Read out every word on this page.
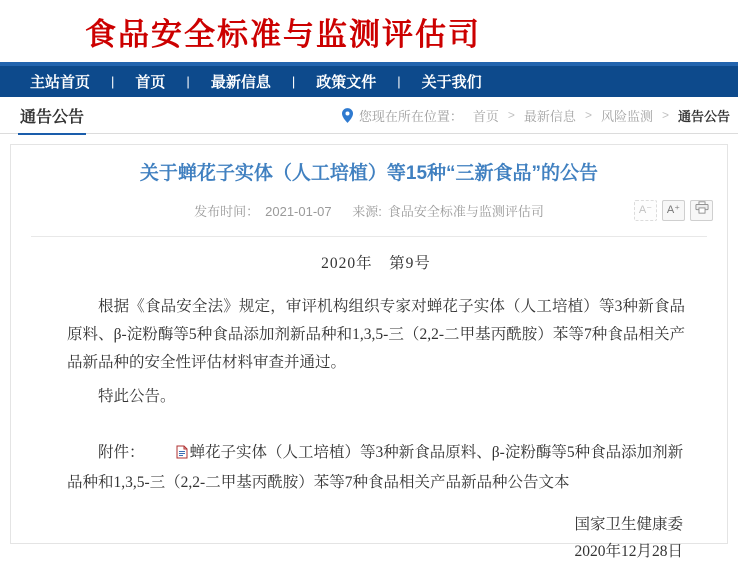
食品安全标准与监测评估司
主站首页 | 首页 | 最新信息 | 政策文件 | 关于我们
通告公告	您现在所在位置： 首页 > 最新信息 > 风险监测 > 通告公告
关于蝉花子实体（人工培植）等15种“三新食品”的公告
发布时间： 2021-01-07 来源: 食品安全标准与监测评估司	A⁻	A⁺
2020年　第9号

根据《食品安全法》规定，审评机构组织专家对蝉花子实体（人工培植）等3种新食品原料、β-淀粉酶等5种食品添加剂新品种和1,3,5-三（2,2-二甲基丙酰胺）苯等7种食品相关产品新品种的安全性评估材料审查并通过。

特此公告。

附件：	蝉花子实体（人工培植）等3种新食品原料、β-淀粉酶等5种食品添加剂新品种和1,3,5-三（2,2-二甲基丙酰胺）苯等7种食品相关产品新品种公告文本

国家卫生健康委
2020年12月28日
